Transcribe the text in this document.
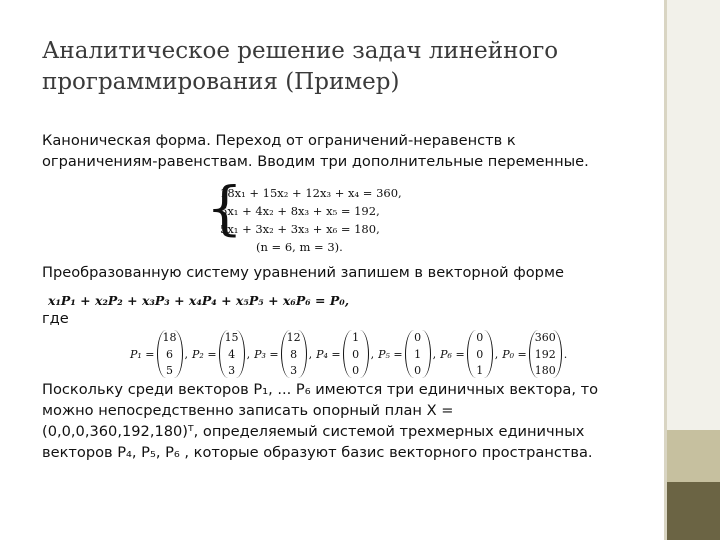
Аналитическое решение задач линейного
программирования (Пример)
Каноническая форма. Переход от ограничений-неравенств к
ограничениям-равенствам. Вводим три дополнительные переменные.
{
18x₁ + 15x₂ + 12x₃ + x₄ = 360,
6x₁ + 4x₂ + 8x₃ + x₅ = 192,
5x₁ + 3x₂ + 3x₃ + x₆ = 180,
(n = 6, m = 3).
Преобразованную систему уравнений запишем в векторной форме
x₁P₁ + x₂P₂ + x₃P₃ + x₄P₄ + x₅P₅ + x₆P₆ = P₀,
где
P₁ =
18
6
5
, P₂ =
15
4
3
, P₃ =
12
8
3
, P₄ =
1
0
0
, P₅ =
0
1
0
, P₆ =
0
0
1
, P₀ =
360
192
180
.
Поскольку среди векторов P₁, ... P₆ имеются три единичных вектора, то
можно непосредственно записать опорный план X =
(0,0,0,360,192,180)ᵀ, определяемый системой трехмерных единичных
векторов P₄, P₅, P₆ , которые образуют базис векторного пространства.
